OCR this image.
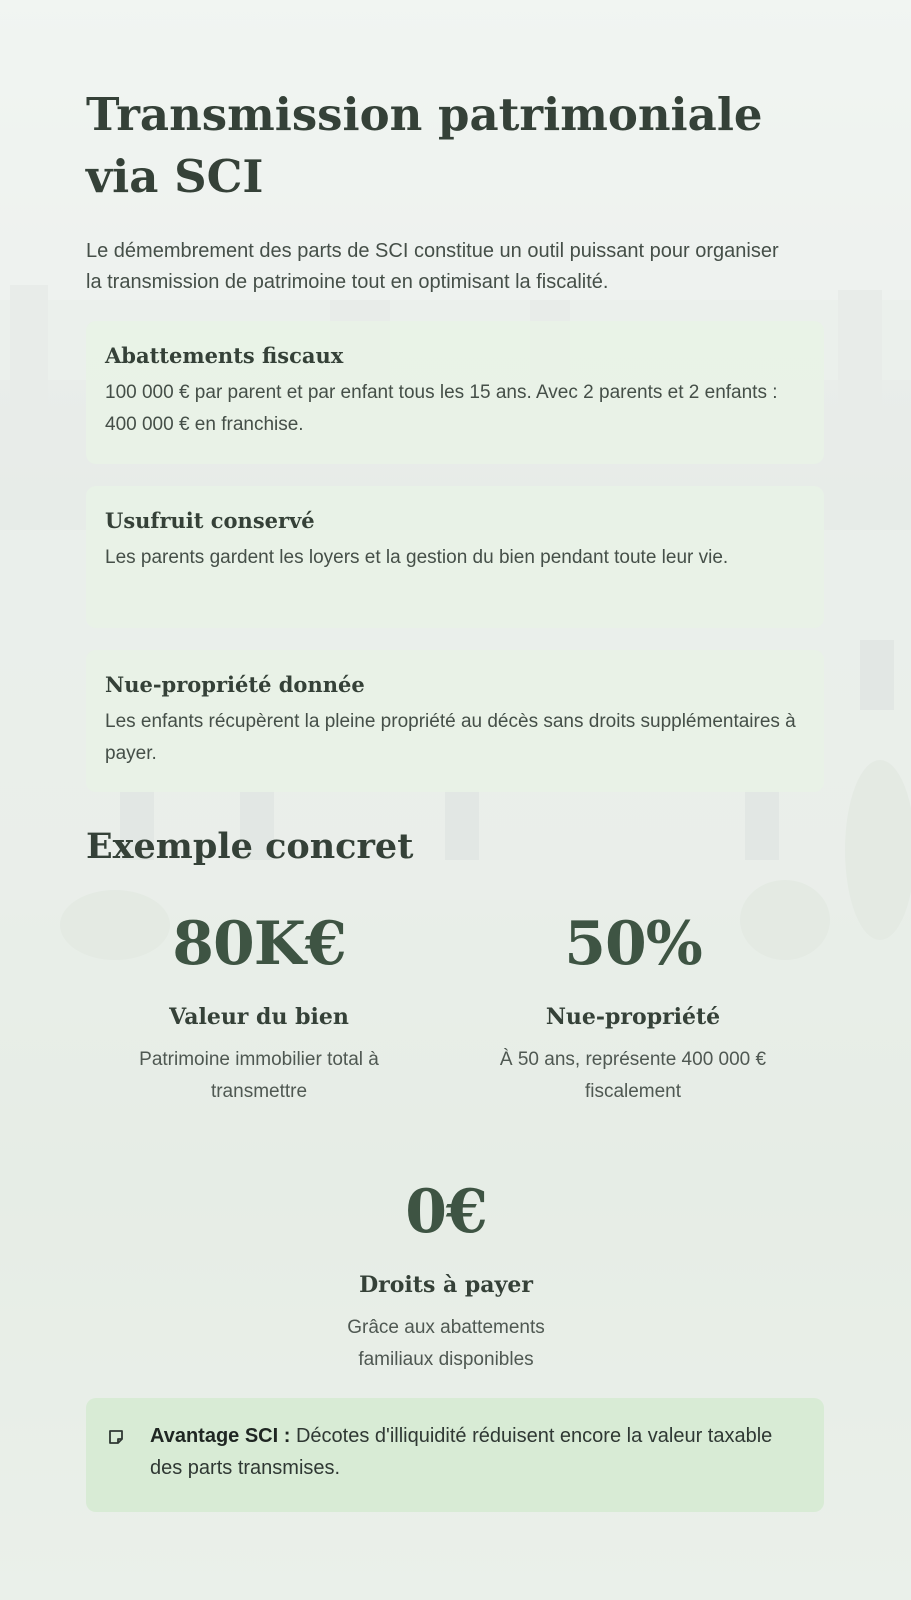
Transmission patrimoniale via SCI

Le démembrement des parts de SCI constitue un outil puissant pour organiser la transmission de patrimoine tout en optimisant la fiscalité.

Abattements fiscaux

100 000 € par parent et par enfant tous les 15 ans. Avec 2 parents et 2 enfants : 400 000 € en franchise.

Usufruit conservé

Les parents gardent les loyers et la gestion du bien pendant toute leur vie.

Nue-propriété donnée

Les enfants récupèrent la pleine propriété au décès sans droits supplémentaires à payer.

Exemple concret
80K€
Valeur du bien
Patrimoine immobilier total à transmettre
50%
Nue-propriété
À 50 ans, représente 400 000 € fiscalement
0€
Droits à payer
Grâce aux abattements familiaux disponibles
Avantage SCI : Décotes d'illiquidité réduisent encore la valeur taxable des parts transmises.
